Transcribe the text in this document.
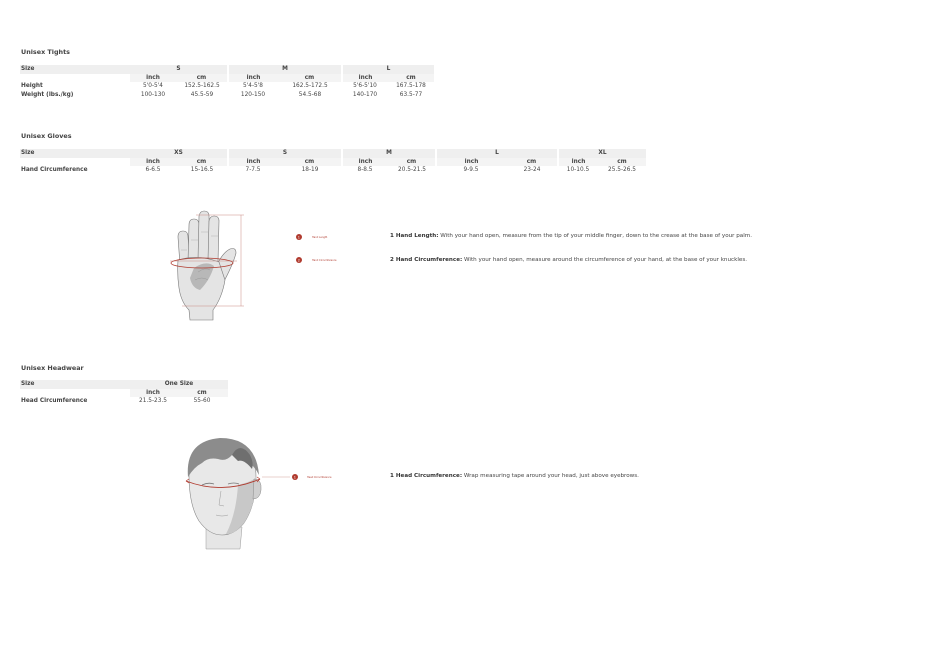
Unisex Tights
Size	S		M		L	
	inch	cm	inch	cm	inch	cm
Height	5'0-5'4	152.5-162.5	5'4-5'8	162.5-172.5	5'6-5'10	167.5-178
Weight (lbs./kg)	100-130	45.5-59	120-150	54.5-68	140-170	63.5-77
Unisex Gloves
Size	XS		S		M		L		XL	
	inch	cm	inch	cm	inch	cm	inch	cm	inch	cm
Hand Circumference	6-6.5	15-16.5	7-7.5	18-19	8-8.5	20.5-21.5	9-9.5	23-24	10-10.5	25.5-26.5
1	Hand Length
2	Hand Circumference
1 Hand Length: With your hand open, measure from the tip of your middle finger, down to the crease at the base of your palm.
2 Hand Circumference: With your hand open, measure around the circumference of your hand, at the base of your knuckles.
Unisex Headwear
Size	One Size	
	inch	cm
Head Circumference	21.5-23.5	55-60
1	Head Circumference	1 Head Circumference: Wrap measuring tape around your head, just above eyebrows.
